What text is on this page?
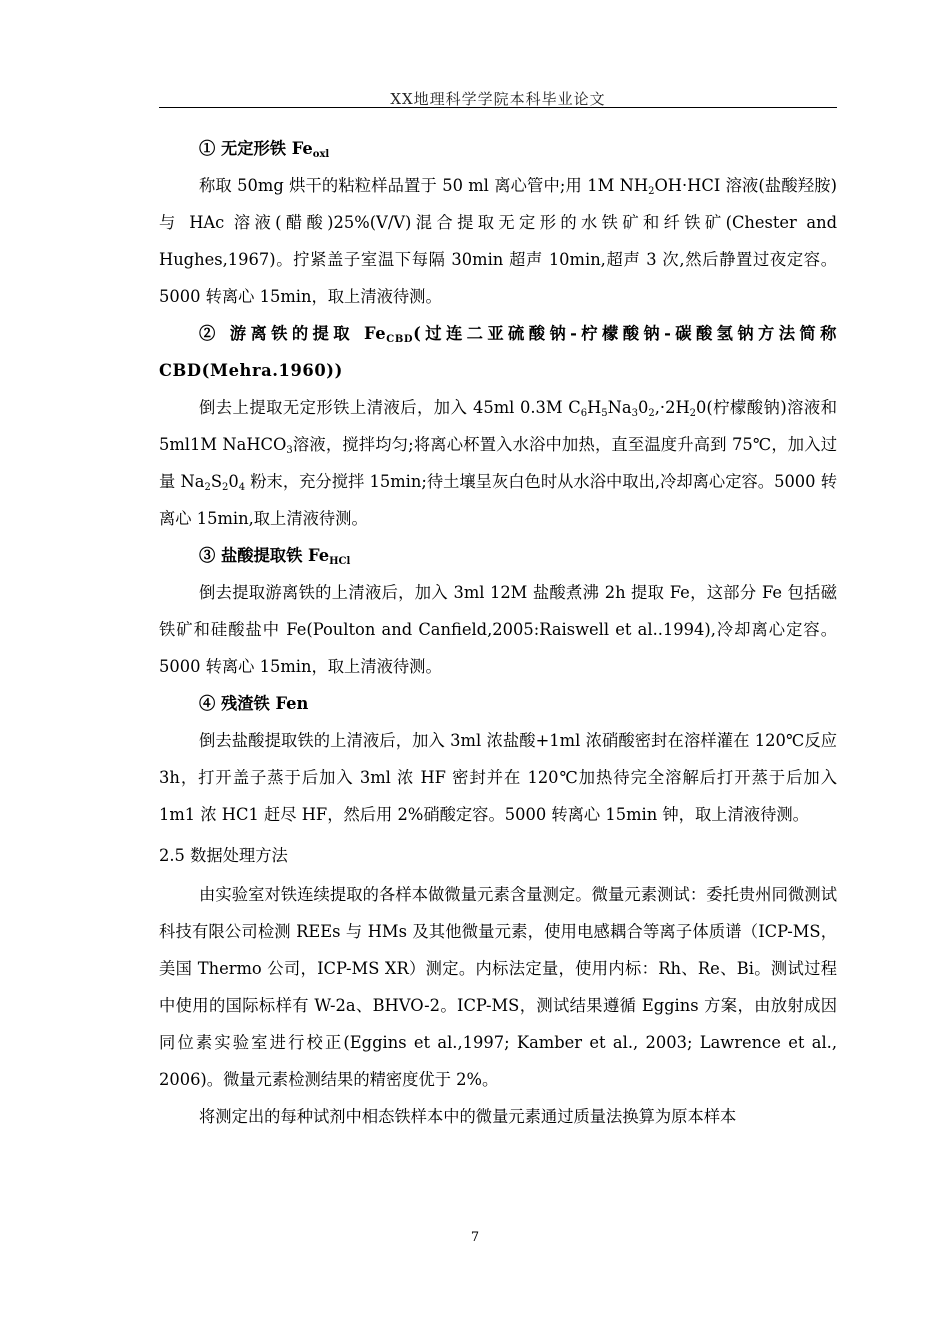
XX地理科学学院本科毕业论文

① 无定形铁 $Fe_{oxl}$

称取 50mg 烘干的粘粒样品置于 50 ml 离心管中;用 1M $NH_2OH\cdot HCI$ 溶液(盐酸羟胺)与 HAc 溶液(醋酸)25%(V/V)混合提取无定形的水铁矿和纤铁矿(Chester and Hughes,1967)。拧紧盖子室温下每隔 30min 超声 10min,超声 3 次,然后静置过夜定容。5000 转离心 15min，取上清液待测。

② 游离铁的提取 $Fe_{CBD}$(过连二亚硫酸钠-柠檬酸钠-碳酸氢钠方法简称CBD(Mehra.1960))

倒去上提取无定形铁上清液后，加入 45ml 0.3M $C_6H_5Na_30_2,\cdot 2H_20$(柠檬酸钠)溶液和 5ml1M NaHCO$_3$溶液，搅拌均匀;将离心杯置入水浴中加热，直至温度升高到 75℃，加入过量 $Na_2S_20_4$ 粉末，充分搅拌 15min;待土壤呈灰白色时从水浴中取出,冷却离心定容。5000 转离心 15min,取上清液待测。

③ 盐酸提取铁 $Fe_{HCl}$

倒去提取游离铁的上清液后，加入 3ml 12M 盐酸煮沸 2h 提取 Fe，这部分 Fe 包括磁铁矿和硅酸盐中 Fe(Poulton and Canfield,2005:Raiswell et al..1994),冷却离心定容。5000 转离心 15min，取上清液待测。

④ 残渣铁 Fen

倒去盐酸提取铁的上清液后，加入 3ml 浓盐酸+1ml 浓硝酸密封在溶样灌在 120℃反应 3h，打开盖子蒸于后加入 3ml 浓 HF 密封并在 120℃加热待完全溶解后打开蒸于后加入 1m1 浓 HC1 赶尽 HF，然后用 2%硝酸定容。5000 转离心 15min 钟，取上清液待测。

2.5 数据处理方法

由实验室对铁连续提取的各样本做微量元素含量测定。微量元素测试：委托贵州同微测试科技有限公司检测 REEs 与 HMs 及其他微量元素，使用电感耦合等离子体质谱（ICP-MS，美国 Thermo 公司，ICP-MS XR）测定。内标法定量，使用内标：Rh、Re、Bi。测试过程中使用的国际标样有 W-2a、BHVO-2。ICP-MS，测试结果遵循 Eggins 方案，由放射成因同位素实验室进行校正(Eggins et al.,1997; Kamber et al., 2003; Lawrence et al., 2006)。微量元素检测结果的精密度优于 2%。

将测定出的每种试剂中相态铁样本中的微量元素通过质量法换算为原本样本

7
